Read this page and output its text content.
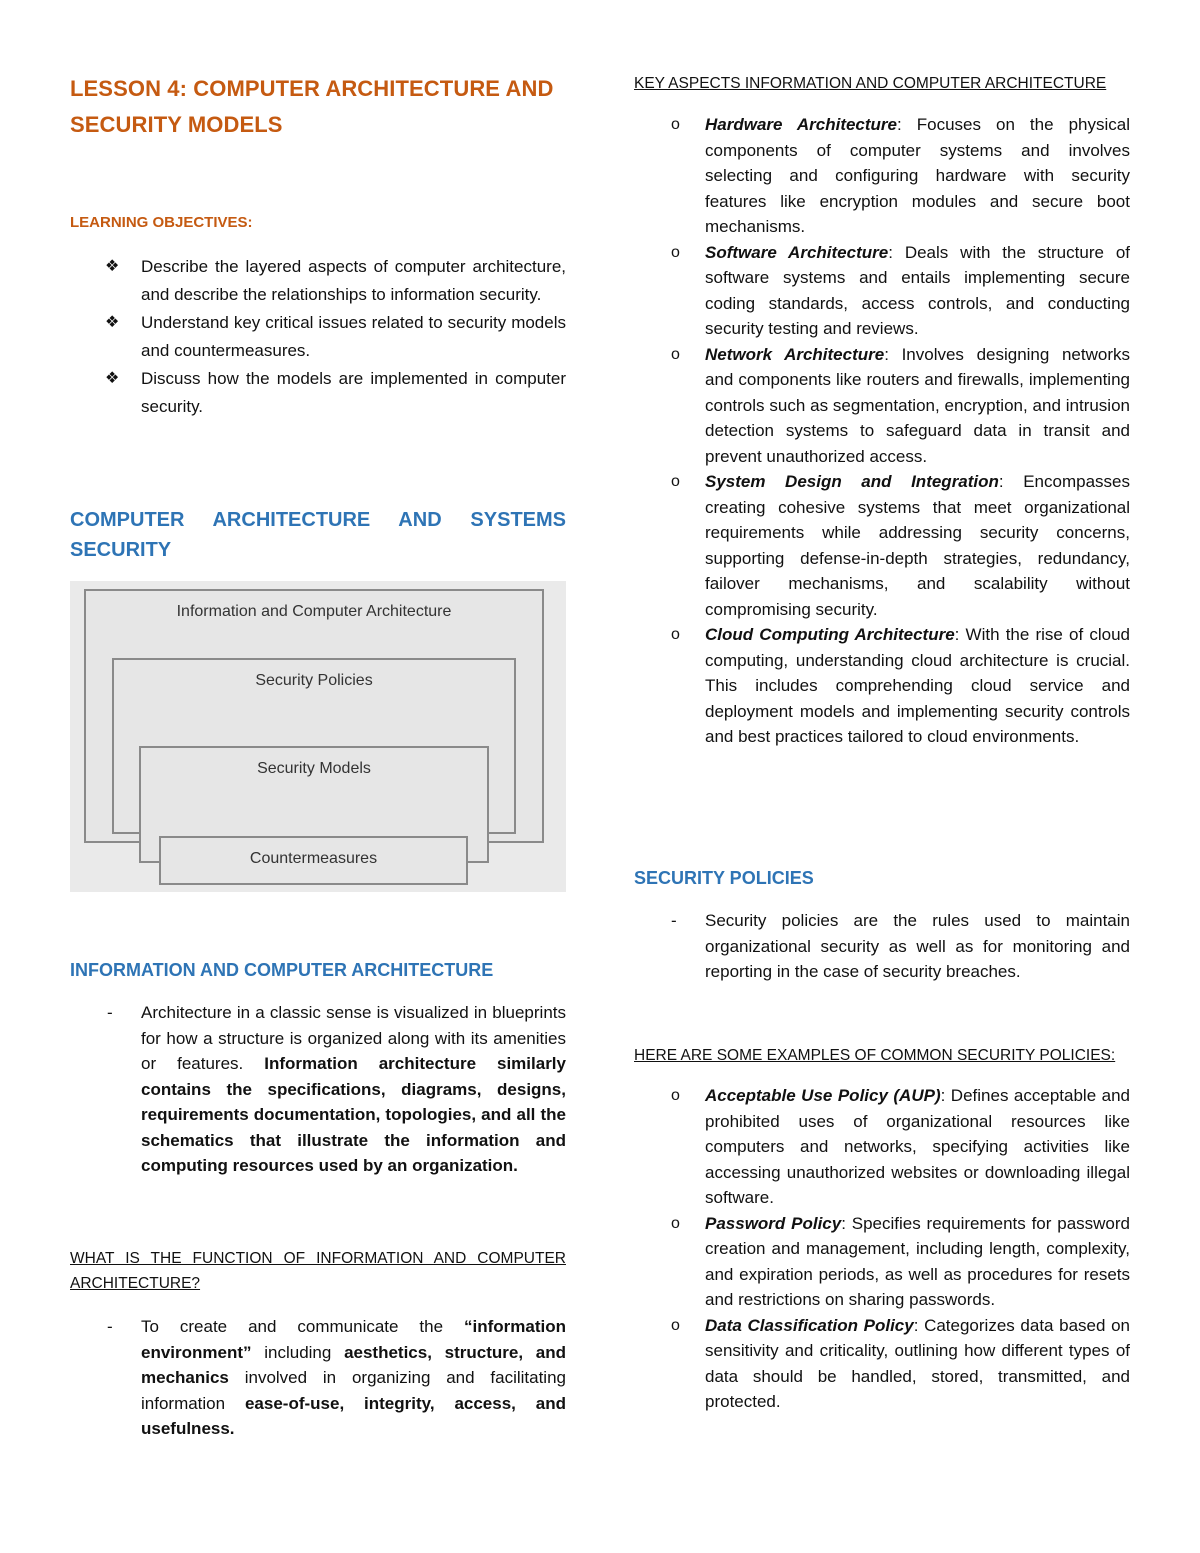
LESSON 4: COMPUTER ARCHITECTURE AND
SECURITY MODELS
LEARNING OBJECTIVES:
❖ Describe the layered aspects of computer architecture, and describe the relationships to information security.
❖ Understand key critical issues related to security models and countermeasures.
❖ Discuss how the models are implemented in computer security.
COMPUTER ARCHITECTURE AND SYSTEMS
SECURITY
Information and Computer Architecture
Security Policies
Security Models
Countermeasures
INFORMATION AND COMPUTER ARCHITECTURE
- Architecture in a classic sense is visualized in blueprints for how a structure is organized along with its amenities or features. Information architecture similarly contains the specifications, diagrams, designs, requirements documentation, topologies, and all the schematics that illustrate the information and computing resources used by an organization.
WHAT IS THE FUNCTION OF INFORMATION AND COMPUTER ARCHITECTURE?
- To create and communicate the “information environment” including aesthetics, structure, and mechanics involved in organizing and facilitating information ease-of-use, integrity, access, and usefulness.
KEY ASPECTS INFORMATION AND COMPUTER ARCHITECTURE
o Hardware Architecture: Focuses on the physical components of computer systems and involves selecting and configuring hardware with security features like encryption modules and secure boot mechanisms.
o Software Architecture: Deals with the structure of software systems and entails implementing secure coding standards, access controls, and conducting security testing and reviews.
o Network Architecture: Involves designing networks and components like routers and firewalls, implementing controls such as segmentation, encryption, and intrusion detection systems to safeguard data in transit and prevent unauthorized access.
o System Design and Integration: Encompasses creating cohesive systems that meet organizational requirements while addressing security concerns, supporting defense-in-depth strategies, redundancy, failover mechanisms, and scalability without compromising security.
o Cloud Computing Architecture: With the rise of cloud computing, understanding cloud architecture is crucial. This includes comprehending cloud service and deployment models and implementing security controls and best practices tailored to cloud environments.
SECURITY POLICIES
- Security policies are the rules used to maintain organizational security as well as for monitoring and reporting in the case of security breaches.
HERE ARE SOME EXAMPLES OF COMMON SECURITY POLICIES:
o Acceptable Use Policy (AUP): Defines acceptable and prohibited uses of organizational resources like computers and networks, specifying activities like accessing unauthorized websites or downloading illegal software.
o Password Policy: Specifies requirements for password creation and management, including length, complexity, and expiration periods, as well as procedures for resets and restrictions on sharing passwords.
o Data Classification Policy: Categorizes data based on sensitivity and criticality, outlining how different types of data should be handled, stored, transmitted, and protected.
